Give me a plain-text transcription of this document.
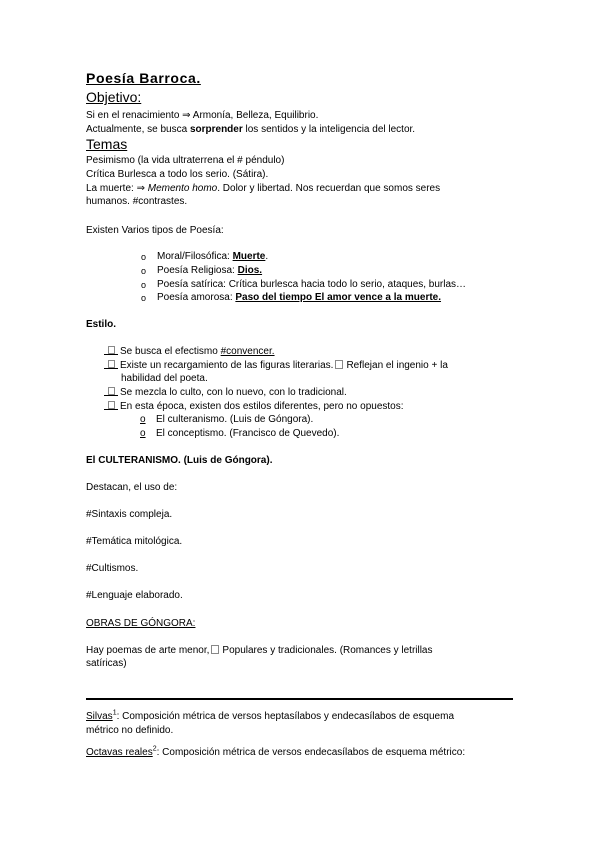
Poesía Barroca.
Objetivo:
Si en el renacimiento ⇒ Armonía, Belleza, Equilibrio.
Actualmente, se busca sorprender los sentidos y la inteligencia del lector.
Temas
Pesimismo (la vida ultraterrena el # péndulo)
Crítica Burlesca a todo los serio. (Sátira).
La muerte: ⇒ Memento homo. Dolor y libertad. Nos recuerdan que somos seres
humanos. #contrastes.
Existen Varios tipos de Poesía:
o Moral/Filosófica: Muerte.
o Poesía Religiosa: Dios.
o Poesía satírica: Crítica burlesca hacia todo lo serio, ataques, burlas…
o Poesía amorosa: Paso del tiempo El amor vence a la muerte.
Estilo.
Se busca el efectismo #convencer.
Existe un recargamiento de las figuras literarias. Reflejan el ingenio + la
habilidad del poeta.
Se mezcla lo culto, con lo nuevo, con lo tradicional.
En esta época, existen dos estilos diferentes, pero no opuestos:
o El culteranismo. (Luis de Góngora).
o El conceptismo. (Francisco de Quevedo).
El CULTERANISMO. (Luis de Góngora).
Destacan, el uso de:
#Sintaxis compleja.
#Temática mitológica.
#Cultismos.
#Lenguaje elaborado.
OBRAS DE GÓNGORA:
Hay poemas de arte menor, Populares y tradicionales. (Romances y letrillas
satíricas)
Silvas$^1$: Composición métrica de versos heptasílabos y endecasílabos de esquema
métrico no definido.
Octavas reales$^2$: Composición métrica de versos endecasílabos de esquema métrico:
